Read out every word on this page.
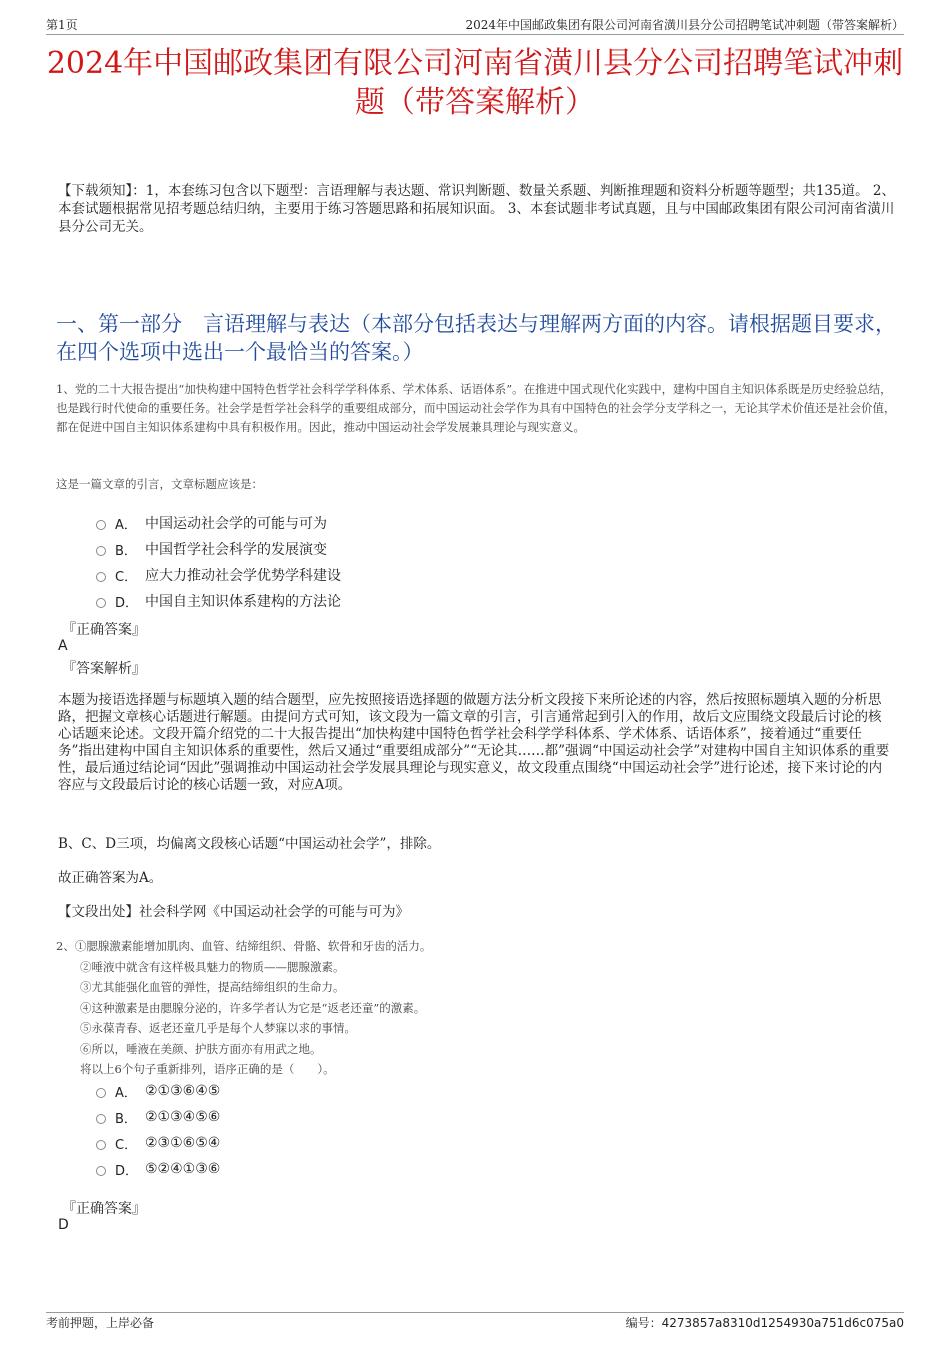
第1页	2024年中国邮政集团有限公司河南省潢川县分公司招聘笔试冲刺题（带答案解析）
2024年中国邮政集团有限公司河南省潢川县分公司招聘笔试冲刺题（带答案解析）
【下载须知】：1，本套练习包含以下题型：言语理解与表达题、常识判断题、数量关系题、判断推理题和资料分析题等题型；共135道。 2、本套试题根据常见招考题总结归纳，主要用于练习答题思路和拓展知识面。 3、本套试题非考试真题，且与中国邮政集团有限公司河南省潢川县分公司无关。
一、第一部分　言语理解与表达（本部分包括表达与理解两方面的内容。请根据题目要求，在四个选项中选出一个最恰当的答案。）
1、党的二十大报告提出“加快构建中国特色哲学社会科学学科体系、学术体系、话语体系”。在推进中国式现代化实践中，建构中国自主知识体系既是历史经验总结，也是践行时代使命的重要任务。社会学是哲学社会科学的重要组成部分，而中国运动社会学作为具有中国特色的社会学分支学科之一，无论其学术价值还是社会价值，都在促进中国自主知识体系建构中具有积极作用。因此，推动中国运动社会学发展兼具理论与现实意义。
这是一篇文章的引言，文章标题应该是：
A． 中国运动社会学的可能与可为
B． 中国哲学社会科学的发展演变
C． 应大力推动社会学优势学科建设
D． 中国自主知识体系建构的方法论
『正确答案』
A
『答案解析』
本题为接语选择题与标题填入题的结合题型，应先按照接语选择题的做题方法分析文段接下来所论述的内容，然后按照标题填入题的分析思路，把握文章核心话题进行解题。由提问方式可知，该文段为一篇文章的引言，引言通常起到引入的作用，故后文应围绕文段最后讨论的核心话题来论述。文段开篇介绍党的二十大报告提出“加快构建中国特色哲学社会科学学科体系、学术体系、话语体系”，接着通过“重要任务”指出建构中国自主知识体系的重要性，然后又通过“重要组成部分”“无论其……都”强调“中国运动社会学”对建构中国自主知识体系的重要性，最后通过结论词“因此”强调推动中国运动社会学发展具理论与现实意义，故文段重点围绕“中国运动社会学”进行论述，接下来讨论的内容应与文段最后讨论的核心话题一致，对应A项。
B、C、D三项，均偏离文段核心话题“中国运动社会学”，排除。
故正确答案为A。
【文段出处】社会科学网《中国运动社会学的可能与可为》
2、①腮腺激素能增加肌肉、血管、结缔组织、骨骼、软骨和牙齿的活力。
②唾液中就含有这样极具魅力的物质——腮腺激素。
③尤其能强化血管的弹性，提高结缔组织的生命力。
④这种激素是由腮腺分泌的，许多学者认为它是“返老还童”的激素。
⑤永葆青春、返老还童几乎是每个人梦寐以求的事情。
⑥所以，唾液在美颜、护肤方面亦有用武之地。
将以上6个句子重新排列，语序正确的是（　　）。
A． ②①③⑥④⑤
B． ②①③④⑤⑥
C． ②③①⑥⑤④
D． ⑤②④①③⑥
『正确答案』
D
考前押题，上岸必备	编号：4273857a8310d1254930a751d6c075a0
